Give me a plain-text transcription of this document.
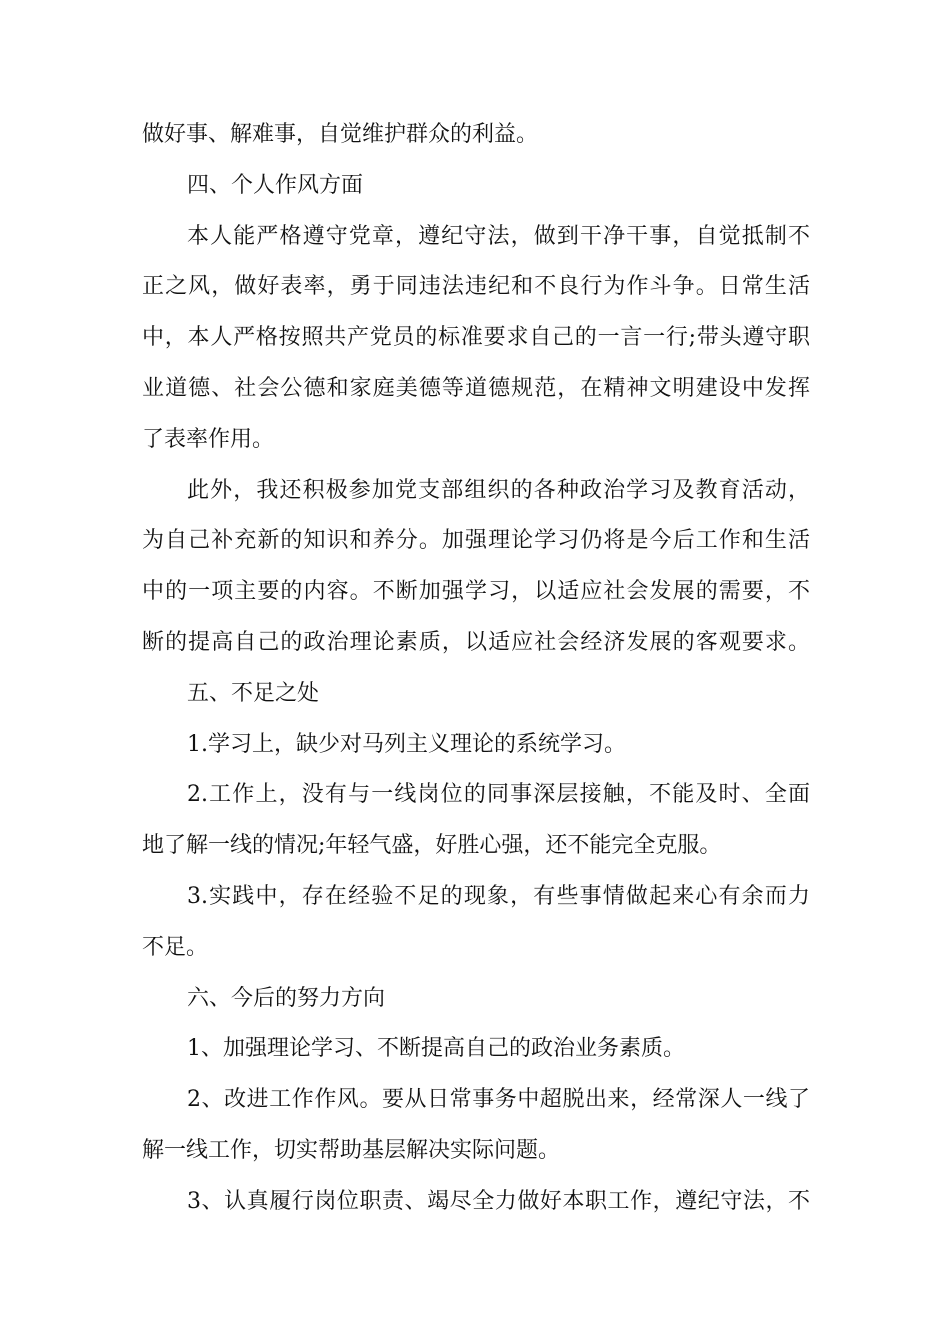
做好事、解难事，自觉维护群众的利益。
四、个人作风方面
本人能严格遵守党章，遵纪守法，做到干净干事，自觉抵制不
正之风，做好表率，勇于同违法违纪和不良行为作斗争。日常生活
中，本人严格按照共产党员的标准要求自己的一言一行;带头遵守职
业道德、社会公德和家庭美德等道德规范，在精神文明建设中发挥
了表率作用。
此外，我还积极参加党支部组织的各种政治学习及教育活动，
为自己补充新的知识和养分。加强理论学习仍将是今后工作和生活
中的一项主要的内容。不断加强学习，以适应社会发展的需要，不
断的提高自己的政治理论素质，以适应社会经济发展的客观要求。
五、不足之处
1.学习上，缺少对马列主义理论的系统学习。
2.工作上，没有与一线岗位的同事深层接触，不能及时、全面
地了解一线的情况;年轻气盛，好胜心强，还不能完全克服。
3.实践中，存在经验不足的现象，有些事情做起来心有余而力
不足。
六、今后的努力方向
1、加强理论学习、不断提高自己的政治业务素质。
2、改进工作作风。要从日常事务中超脱出来，经常深人一线了
解一线工作，切实帮助基层解决实际问题。
3、认真履行岗位职责、竭尽全力做好本职工作，遵纪守法，不
